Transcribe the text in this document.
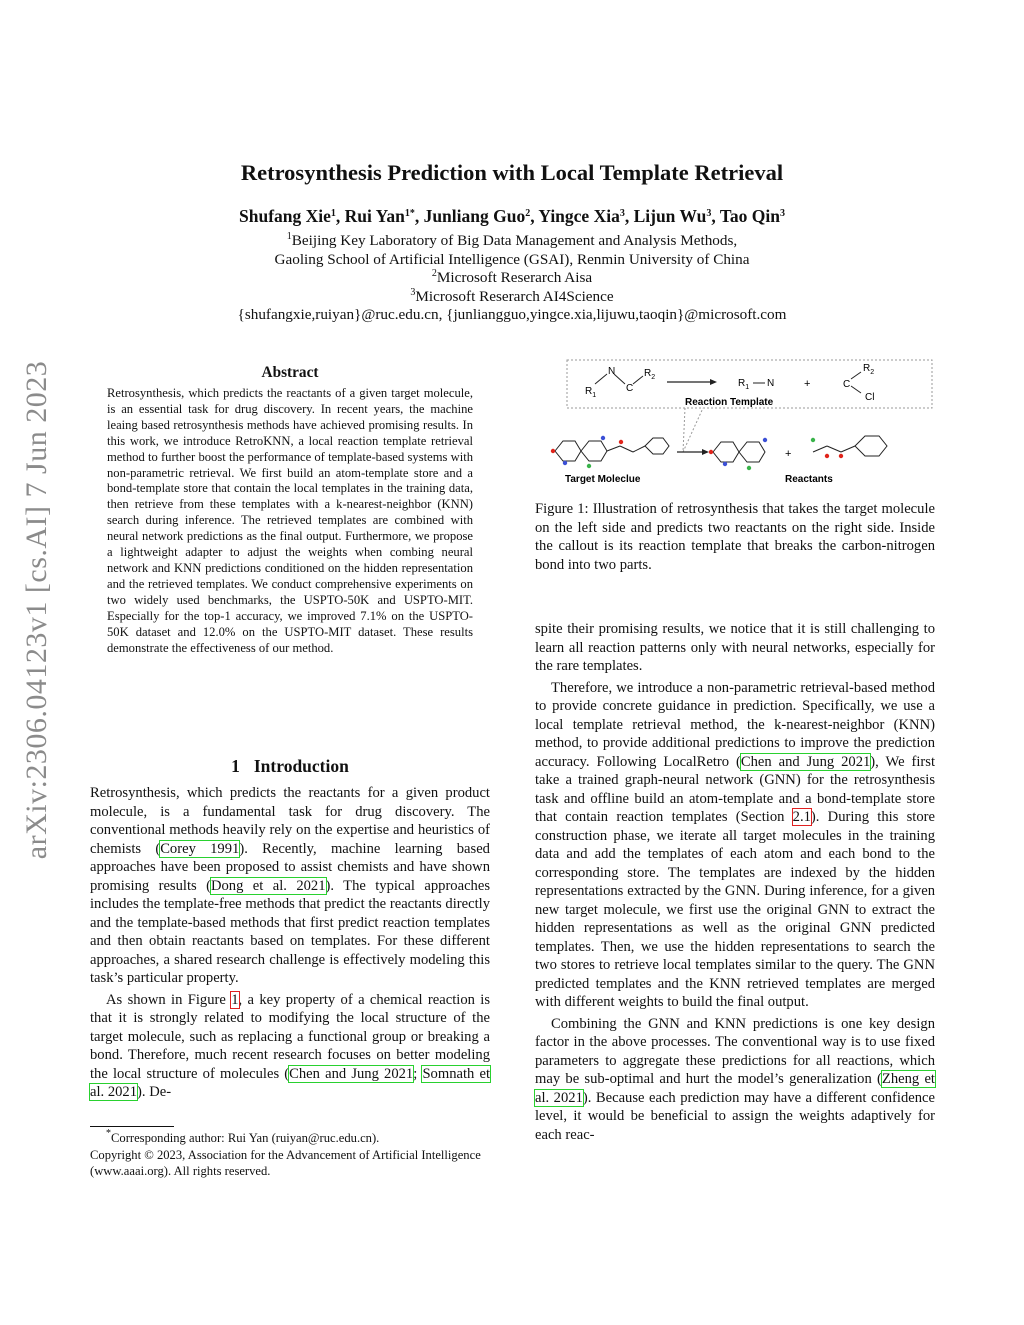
Retrosynthesis Prediction with Local Template Retrieval
Shufang Xie$^1$, Rui Yan$^{1*}$, Junliang Guo$^2$, Yingce Xia$^3$, Lijun Wu$^3$, Tao Qin$^3$
$^1$Beijing Key Laboratory of Big Data Management and Analysis Methods,
Gaoling School of Artificial Intelligence (GSAI), Renmin University of China
$^2$Microsoft Reserarch Aisa
$^3$Microsoft Reserarch AI4Science
{shufangxie,ruiyan}@ruc.edu.cn, {junliangguo,yingce.xia,lijuwu,taoqin}@microsoft.com
arXiv:2306.04123v1 [cs.AI] 7 Jun 2023	Abstract

Retrosynthesis, which predicts the reactants of a given target molecule, is an essential task for drug discovery. In recent years, the machine leaing based retrosynthesis methods have achieved promising results. In this work, we introduce RetroKNN, a local reaction template retrieval method to further boost the performance of template-based systems with non-parametric retrieval. We first build an atom-template store and a bond-template store that contain the local templates in the training data, then retrieve from these templates with a k-nearest-neighbor (KNN) search during inference. The retrieved templates are combined with neural network predictions as the final output. Furthermore, we propose a lightweight adapter to adjust the weights when combing neural network and KNN predictions conditioned on the hidden representation and the retrieved templates. We conduct comprehensive experiments on two widely used benchmarks, the USPTO-50K and USPTO-MIT. Especially for the top-1 accuracy, we improved 7.1% on the USPTO-50K dataset and 12.0% on the USPTO-MIT dataset. These results demonstrate the effectiveness of our method.

1 Introduction

Retrosynthesis, which predicts the reactants for a given product molecule, is a fundamental task for drug discovery. The conventional methods heavily rely on the expertise and heuristics of chemists (Corey 1991). Recently, machine learning based approaches have been proposed to assist chemists and have shown promising results (Dong et al. 2021). The typical approaches includes the template-free methods that predict the reactants directly and the template-based methods that first predict reaction templates and then obtain reactants based on templates. For these different approaches, a shared research challenge is effectively modeling this task’s particular property.

As shown in Figure 1, a key property of a chemical reaction is that it is strongly related to modifying the local structure of the target molecule, such as replacing a functional group or breaking a bond. Therefore, much recent research focuses on better modeling the local structure of molecules (Chen and Jung 2021; Somnath et al. 2021). De-

*Corresponding author: Rui Yan (ruiyan@ruc.edu.cn).

Copyright © 2023, Association for the Advancement of Artificial Intelligence (www.aaai.org). All rights reserved.

N
C
$R_1$
$R_2$
Reaction Template
$R_1$ N	+	C
$R_2$
Cl
Target Moleclue
+
Reactants

Figure 1: Illustration of retrosynthesis that takes the target molecule on the left side and predicts two reactants on the right side. Inside the callout is its reaction template that breaks the carbon-nitrogen bond into two parts.

spite their promising results, we notice that it is still challenging to learn all reaction patterns only with neural networks, especially for the rare templates.

Therefore, we introduce a non-parametric retrieval-based method to provide concrete guidance in prediction. Specifically, we use a local template retrieval method, the k-nearest-neighbor (KNN) method, to provide additional predictions to improve the prediction accuracy. Following LocalRetro (Chen and Jung 2021), We first take a trained graph-neural network (GNN) for the retrosynthesis task and offline build an atom-template and a bond-template store that contain reaction templates (Section 2.1). During this store construction phase, we iterate all target molecules in the training data and add the templates of each atom and each bond to the corresponding store. The templates are indexed by the hidden representations extracted by the GNN. During inference, for a given new target molecule, we first use the original GNN to extract the hidden representations as well as the original GNN predicted templates. Then, we use the hidden representations to search the two stores to retrieve local templates similar to the query. The GNN predicted templates and the KNN retrieved templates are merged with different weights to build the final output.

Combining the GNN and KNN predictions is one key design factor in the above processes. The conventional way is to use fixed parameters to aggregate these predictions for all reactions, which may be sub-optimal and hurt the model’s generalization (Zheng et al. 2021). Because each prediction may have a different confidence level, it would be beneficial to assign the weights adaptively for each reac-
